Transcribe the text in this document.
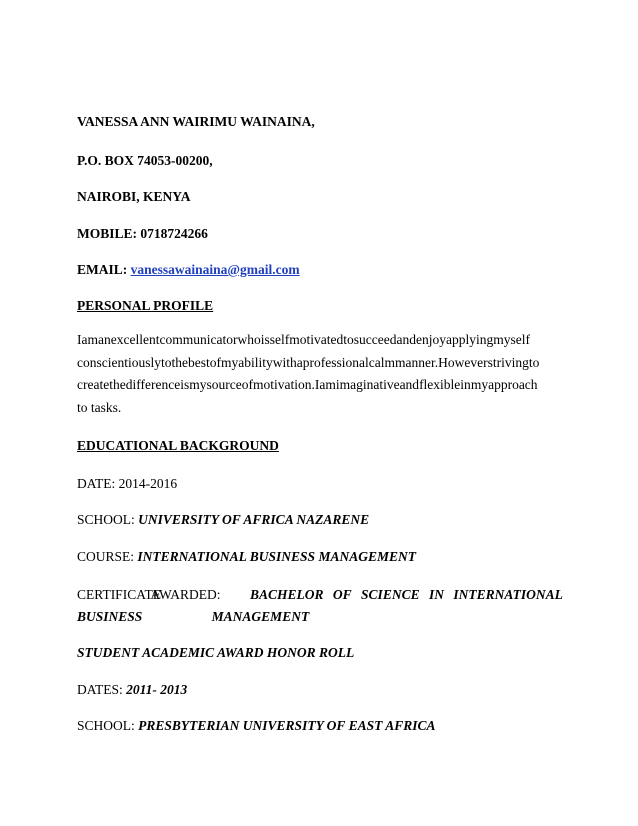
VANESSA ANN WAIRIMU WAINAINA,
P.O. BOX 74053-00200,
NAIROBI, KENYA
MOBILE: 0718724266
EMAIL: vanessawainaina@gmail.com
PERSONAL PROFILE
Iamanexcellentcommunicatorwhoisselfmotivatedtosucceedandenjoyapplyingmyself
conscientiouslytothebestofmyabilitywithaprofessionalcalmmanner.Howeverstrivingto
createthedifferenceismysourceofmotivation.Iamimaginativeandflexibleinmyapproach
to tasks.
EDUCATIONAL BACKGROUND
DATE: 2014-2016
SCHOOL: UNIVERSITY OF AFRICA NAZARENE
COURSE: INTERNATIONAL BUSINESS MANAGEMENT
CERTIFICATE
AWARDED: BACHELOR OF SCIENCE IN INTERNATIONAL
BUSINESS	MANAGEMENT
STUDENT ACADEMIC AWARD HONOR ROLL
DATES: 2011- 2013
SCHOOL: PRESBYTERIAN UNIVERSITY OF EAST AFRICA
